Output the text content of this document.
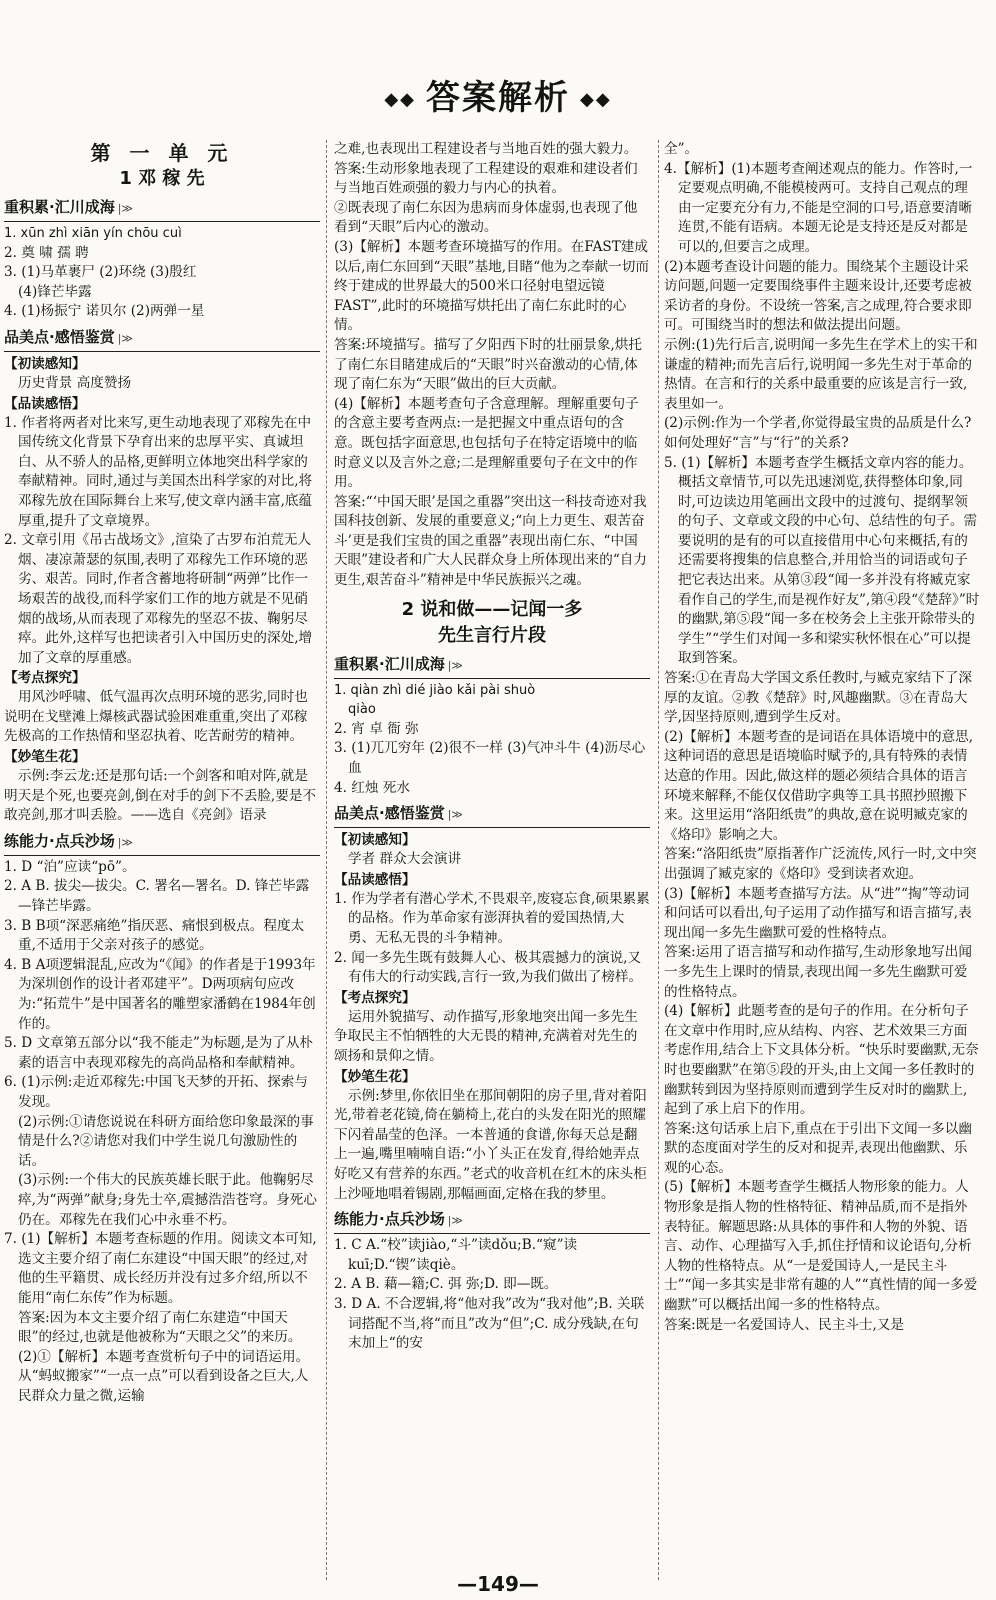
◆◆ 答案解析 ◆◆
第 一 单 元
1 邓 稼 先
重积累·汇川成海 |≫

1. xūn zhì xiān yín chōu cuì

2. 奠 啸 孺 聘

3. (1)马革裹尸 (2)环绕 (3)殷红
(4)锋芒毕露

4. (1)杨振宁 诺贝尔 (2)两弹一星

品美点·感悟鉴赏 |≫
【初读感知】

历史背景 高度赞扬

【品读感悟】

1. 作者将两者对比来写,更生动地表现了邓稼先在中国传统文化背景下孕育出来的忠厚平实、真诚坦白、从不骄人的品格,更鲜明立体地突出科学家的奉献精神。同时,通过与美国杰出科学家的对比,将邓稼先放在国际舞台上来写,使文章内涵丰富,底蕴厚重,提升了文章境界。

2. 文章引用《吊古战场文》,渲染了古罗布泊荒无人烟、凄凉萧瑟的氛围,表明了邓稼先工作环境的恶劣、艰苦。同时,作者含蓄地将研制“两弹”比作一场艰苦的战役,而科学家们工作的地方就是不见硝烟的战场,从而表现了邓稼先的坚忍不拔、鞠躬尽瘁。此外,这样写也把读者引入中国历史的深处,增加了文章的厚重感。

【考点探究】

用风沙呼啸、低气温再次点明环境的恶劣,同时也说明在戈壁滩上爆核武器试验困难重重,突出了邓稼先极高的工作热情和坚忍执着、吃苦耐劳的精神。

【妙笔生花】

示例:李云龙:还是那句话:一个剑客和咱对阵,就是明天是个死,也要亮剑,倒在对手的剑下不丢脸,要是不敢亮剑,那才叫丢脸。——选自《亮剑》语录

练能力·点兵沙场 |≫

1. D “泊”应读“pō”。

2. A B. 拔尖—拔尖。C. 署名—署名。D. 锋芒毕露—锋芒毕露。

3. B B项“深恶痛绝”指厌恶、痛恨到极点。程度太重,不适用于父亲对孩子的感觉。

4. B A项逻辑混乱,应改为“《闻》的作者是于1993年为深圳创作的设计者邓建平”。D两项病句应改为:“拓荒牛”是中国著名的雕塑家潘鹤在1984年创作的。

5. D 文章第五部分以“我不能走”为标题,是为了从朴素的语言中表现邓稼先的高尚品格和奉献精神。

6. (1)示例:走近邓稼先:中国飞天梦的开拓、探索与发现。
(2)示例:①请您说说在科研方面给您印象最深的事情是什么?②请您对我们中学生说几句激励性的话。
(3)示例:一个伟大的民族英雄长眠于此。他鞠躬尽瘁,为“两弹”献身;身先士卒,震撼浩浩苍穹。身死心仍在。邓稼先在我们心中永垂不朽。

7. (1)【解析】本题考查标题的作用。阅读文本可知,选文主要介绍了南仁东建设“中国天眼”的经过,对他的生平籍贯、成长经历并没有过多介绍,所以不能用“南仁东传”作为标题。
答案:因为本文主要介绍了南仁东建造“中国天眼”的经过,也就是他被称为“天眼之父”的来历。
(2)①【解析】本题考查赏析句子中的词语运用。从“蚂蚁搬家”“一点一点”可以看到设备之巨大,人民群众力量之微,运输

之难,也表现出工程建设者与当地百姓的强大毅力。

答案:生动形象地表现了工程建设的艰难和建设者们与当地百姓顽强的毅力与内心的执着。

②既表现了南仁东因为患病而身体虚弱,也表现了他看到“天眼”后内心的激动。

(3)【解析】本题考查环境描写的作用。在FAST建成以后,南仁东回到“天眼”基地,目睹“他为之奉献一切而终于建成的世界最大的500米口径射电望远镜FAST”,此时的环境描写烘托出了南仁东此时的心情。

答案:环境描写。描写了夕阳西下时的壮丽景象,烘托了南仁东目睹建成后的“天眼”时兴奋激动的心情,体现了南仁东为“天眼”做出的巨大贡献。

(4)【解析】本题考查句子含意理解。理解重要句子的含意主要考查两点:一是把握文中重点语句的含意。既包括字面意思,也包括句子在特定语境中的临时意义以及言外之意;二是理解重要句子在文中的作用。

答案:“‘中国天眼’是国之重器”突出这一科技奇迹对我国科技创新、发展的重要意义;“向上力更生、艰苦奋斗’更是我们宝贵的国之重器”表现出南仁东、“中国天眼”建设者和广大人民群众身上所体现出来的“自力更生,艰苦奋斗”精神是中华民族振兴之魂。

2 说和做——记闻一多
先生言行片段
重积累·汇川成海 |≫

1. qiàn zhì dié jiào kǎi pài shuò
qiào

2. 宵 卓 衙 弥

3. (1)兀兀穷年 (2)很不一样 (3)气冲斗牛 (4)沥尽心血

4. 红烛 死水

品美点·感悟鉴赏 |≫
【初读感知】

学者 群众大会演讲

【品读感悟】

1. 作为学者有潜心学术,不畏艰辛,废寝忘食,硕果累累的品格。作为革命家有澎湃执着的爱国热情,大勇、无私无畏的斗争精神。

2. 闻一多先生既有鼓舞人心、极其震撼力的演说,又有伟大的行动实践,言行一致,为我们做出了榜样。

【考点探究】

运用外貌描写、动作描写,形象地突出闻一多先生争取民主不怕牺牲的大无畏的精神,充满着对先生的颂扬和景仰之情。

【妙笔生花】

示例:梦里,你依旧坐在那间朝阳的房子里,背对着阳光,带着老花镜,倚在躺椅上,花白的头发在阳光的照耀下闪着晶莹的色泽。一本普通的食谱,你每天总是翻上一遍,嘴里喃喃自语:“小丫头正在发育,得给她弄点好吃又有营养的东西。”老式的收音机在红木的床头柜上沙哑地唱着锡剧,那幅画面,定格在我的梦里。

练能力·点兵沙场 |≫

1. C A.“校”读jiào,“斗”读dǒu;B.“窥”读kuī;D.“锲”读qiè。

2. A B. 藉—籍;C. 弭 弥;D. 即—既。

3. D A. 不合逻辑,将“他对我”改为“我对他”;B. 关联词搭配不当,将“而且”改为“但”;C. 成分残缺,在句末加上“的安

全”。

4.【解析】(1)本题考查阐述观点的能力。作答时,一定要观点明确,不能模棱两可。支持自己观点的理由一定要充分有力,不能是空洞的口号,语意要清晰连贯,不能有语病。本题无论是支持还是反对都是可以的,但要言之成理。

(2)本题考查设计问题的能力。围绕某个主题设计采访问题,问题一定要围绕事件主题来设计,还要考虑被采访者的身份。不设统一答案,言之成理,符合要求即可。可围绕当时的想法和做法提出问题。

示例:(1)先行后言,说明闻一多先生在学术上的实干和谦虚的精神;而先言后行,说明闻一多先生对于革命的热情。在言和行的关系中最重要的应该是言行一致,表里如一。

(2)示例:作为一个学者,你觉得最宝贵的品质是什么?如何处理好“言”与“行”的关系?

5. (1)【解析】本题考查学生概括文章内容的能力。概括文章情节,可以先迅速浏览,获得整体印象,同时,可边读边用笔画出文段中的过渡句、提纲挈领的句子、文章或文段的中心句、总结性的句子。需要说明的是有的可以直接借用中心句来概括,有的还需要将搜集的信息整合,并用恰当的词语或句子把它表达出来。从第③段“闻一多并没有将臧克家看作自己的学生,而是视作好友”,第④段“《楚辞》”时的幽默,第⑤段“闻一多在校务会上主张开除带头的学生”“学生们对闻一多和梁实秋怀恨在心”可以提取到答案。

答案:①在青岛大学国文系任教时,与臧克家结下了深厚的友谊。②教《楚辞》时,风趣幽默。③在青岛大学,因坚持原则,遭到学生反对。

(2)【解析】本题考查的是词语在具体语境中的意思,这种词语的意思是语境临时赋予的,具有特殊的表情达意的作用。因此,做这样的题必须结合具体的语言环境来解释,不能仅仅借助字典等工具书照抄照搬下来。这里运用“洛阳纸贵”的典故,意在说明臧克家的《烙印》影响之大。

答案:“洛阳纸贵”原指著作广泛流传,风行一时,文中突出强调了臧克家的《烙印》受到读者欢迎。

(3)【解析】本题考查描写方法。从“进”“掏”等动词和问话可以看出,句子运用了动作描写和语言描写,表现出闻一多先生幽默可爱的性格特点。

答案:运用了语言描写和动作描写,生动形象地写出闻一多先生上课时的情景,表现出闻一多先生幽默可爱的性格特点。

(4)【解析】此题考查的是句子的作用。在分析句子在文章中作用时,应从结构、内容、艺术效果三方面考虑作用,结合上下文具体分析。“快乐时要幽默,无奈时也要幽默”在第⑤段的开头,由上文闻一多任教时的幽默转到因为坚持原则而遭到学生反对时的幽默上,起到了承上启下的作用。

答案:这句话承上启下,重点在于引出下文闻一多以幽默的态度面对学生的反对和捉弄,表现出他幽默、乐观的心态。

(5)【解析】本题考查学生概括人物形象的能力。人物形象是指人物的性格特征、精神品质,而不是指外表特征。解题思路:从具体的事件和人物的外貌、语言、动作、心理描写入手,抓住抒情和议论语句,分析人物的性格特点。从“一是爱国诗人,一是民主斗士”“闻一多其实是非常有趣的人”“真性情的闻一多爱幽默”可以概括出闻一多的性格特点。

答案:既是一名爱国诗人、民主斗士,又是

—149—
